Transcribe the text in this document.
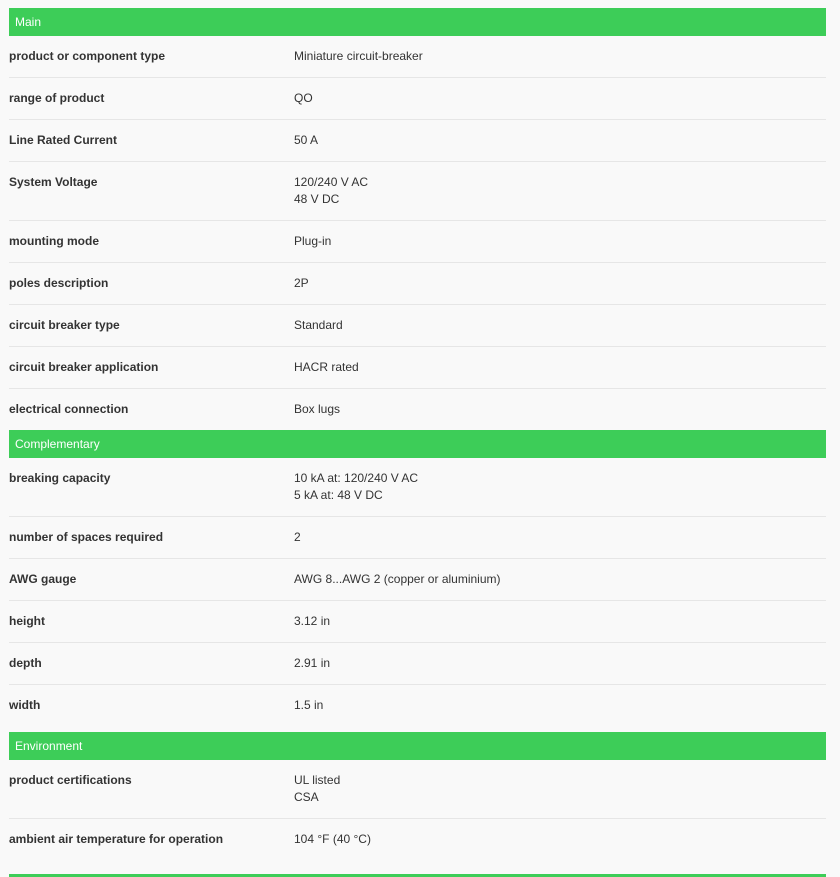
Main
product or component type	Miniature circuit-breaker
range of product	QO
Line Rated Current	50 A
System Voltage	120/240 V AC
48 V DC
mounting mode	Plug-in
poles description	2P
circuit breaker type	Standard
circuit breaker application	HACR rated
electrical connection	Box lugs
Complementary
breaking capacity	10 kA at: 120/240 V AC
5 kA at: 48 V DC
number of spaces required	2
AWG gauge	AWG 8...AWG 2 (copper or aluminium)
height	3.12 in
depth	2.91 in
width	1.5 in
Environment
product certifications	UL listed
CSA
ambient air temperature for operation	104 °F (40 °C)
